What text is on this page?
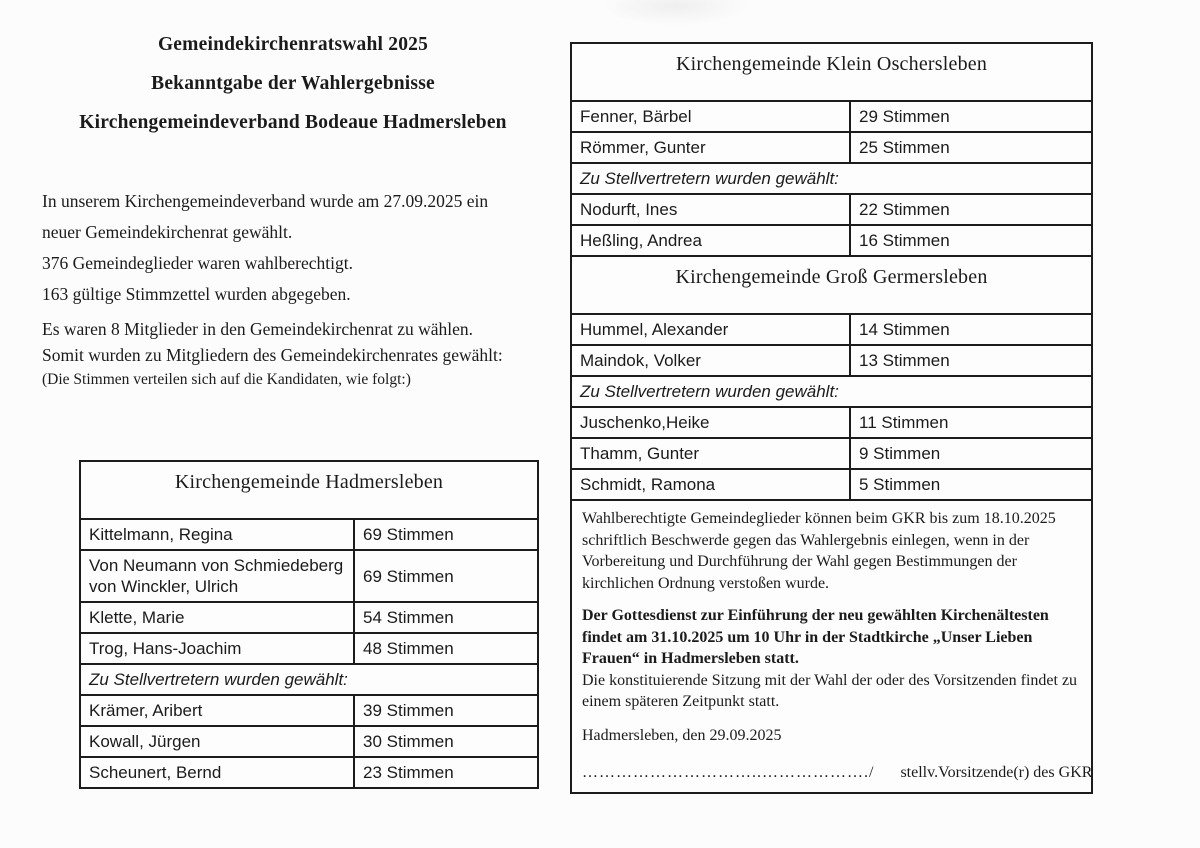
Gemeindekirchenratswahl 2025
Bekanntgabe der Wahlergebnisse
Kirchengemeindeverband Bodeaue Hadmersleben
In unserem Kirchengemeindeverband wurde am 27.09.2025 ein
neuer Gemeindekirchenrat gewählt.
376 Gemeindeglieder waren wahlberechtigt.
163 gültige Stimmzettel wurden abgegeben.
Es waren 8 Mitglieder in den Gemeindekirchenrat zu wählen.
Somit wurden zu Mitgliedern des Gemeindekirchenrates gewählt:
(Die Stimmen verteilen sich auf die Kandidaten, wie folgt:)
Kirchengemeinde Hadmersleben	
Kittelmann, Regina	69 Stimmen
Von Neumann von Schmiedeberg von Winckler, Ulrich	69 Stimmen
Klette, Marie	54 Stimmen
Trog, Hans-Joachim	48 Stimmen
Zu Stellvertretern wurden gewählt:	
Krämer, Aribert	39 Stimmen
Kowall, Jürgen	30 Stimmen
Scheunert, Bernd	23 Stimmen
Kirchengemeinde Klein Oschersleben	
Fenner, Bärbel	29 Stimmen
Römmer, Gunter	25 Stimmen
Zu Stellvertretern wurden gewählt:	
Nodurft, Ines	22 Stimmen
Heßling, Andrea	16 Stimmen
Kirchengemeinde Groß Germersleben	
Hummel, Alexander	14 Stimmen
Maindok, Volker	13 Stimmen
Zu Stellvertretern wurden gewählt:	
Juschenko,Heike	11 Stimmen
Thamm, Gunter	9 Stimmen
Schmidt, Ramona	5 Stimmen

Wahlberechtigte Gemeindeglieder können beim GKR bis zum 18.10.2025 schriftlich Beschwerde gegen das Wahlergebnis einlegen, wenn in der Vorbereitung und Durchführung der Wahl gegen Bestimmungen der kirchlichen Ordnung verstoßen wurde.

Der Gottesdienst zur Einführung der neu gewählten Kirchenältesten findet am 31.10.2025 um 10 Uhr in der Stadtkirche „Unser Lieben Frauen“ in Hadmersleben statt.

Die konstituierende Sitzung mit der Wahl der oder des Vorsitzenden findet zu einem späteren Zeitpunkt statt.

Hadmersleben, den 29.09.2025

…………………………..………………./ stellv.Vorsitzende(r) des GKR
